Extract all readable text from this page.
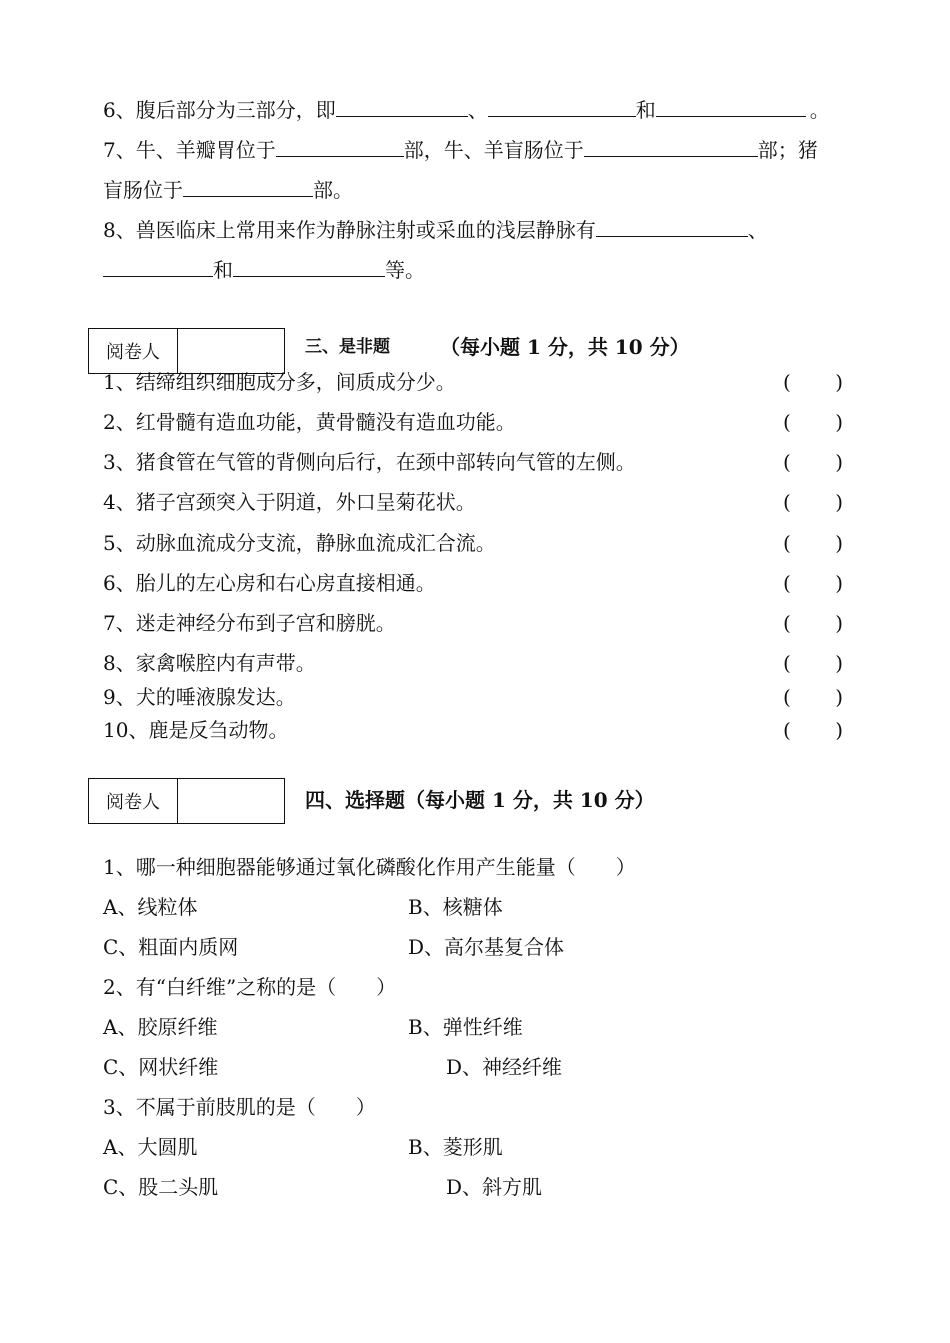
6、腹后部分为三部分，即	、	和	。
7、牛、羊瓣胃位于	部，牛、羊盲肠位于	部；猪
盲肠位于	部。
8、兽医临床上常用来作为静脉注射或采血的浅层静脉有	、
和	等。
阅卷人	三、是非题	（每小题 1 分，共 10 分）
1、结缔组织细胞成分多，间质成分少。	( )
2、红骨髓有造血功能，黄骨髓没有造血功能。	( )
3、猪食管在气管的背侧向后行，在颈中部转向气管的左侧。	( )
4、猪子宫颈突入于阴道，外口呈菊花状。	( )
5、动脉血流成分支流，静脉血流成汇合流。	( )
6、胎儿的左心房和右心房直接相通。	( )
7、迷走神经分布到子宫和膀胱。	( )
8、家禽喉腔内有声带。	( )
9、犬的唾液腺发达。	( )
10、鹿是反刍动物。	( )
阅卷人	四、选择题（每小题 1 分，共 10 分）
1、哪一种细胞器能够通过氧化磷酸化作用产生能量（　　）
A、线粒体	B、核糖体
C、粗面内质网	D、高尔基复合体
2、有“白纤维”之称的是（　　）
A、胶原纤维	B、弹性纤维
C、网状纤维	D、神经纤维
3、不属于前肢肌的是（　　）
A、大圆肌	B、菱形肌
C、股二头肌	D、斜方肌
